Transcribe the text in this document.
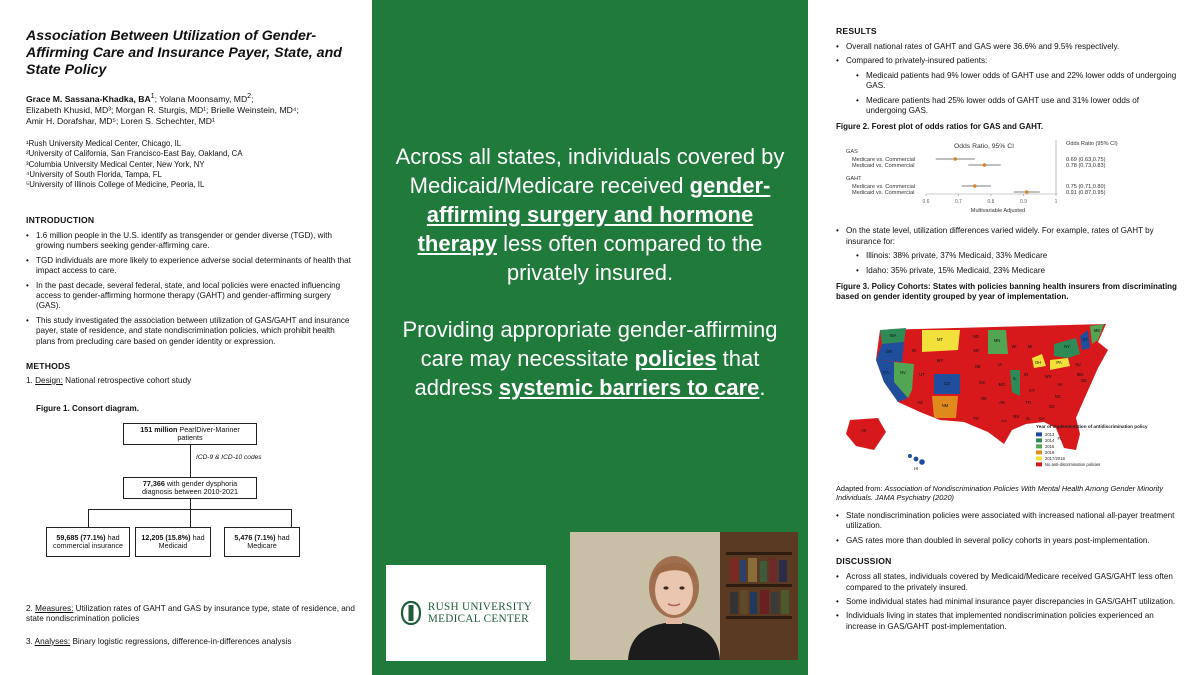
Association Between Utilization of Gender-Affirming Care and Insurance Payer, State, and State Policy
Grace M. Sassana-Khadka, $BA^1$; Yolana Moonsamy, $MD^2$;
Elizabeth Khusid, MD³; Morgan R. Sturgis, MD¹; Brielle Weinstein, MD⁴;
Amir H. Dorafshar, MD⁵; Loren S. Schechter, MD¹
¹Rush University Medical Center, Chicago, IL
²University of California, San Francisco-East Bay, Oakland, CA
³Columbia University Medical Center, New York, NY
⁴University of South Florida, Tampa, FL
⁵University of Illinois College of Medicine, Peoria, IL
INTRODUCTION
• 1.6 million people in the U.S. identify as transgender or gender diverse (TGD), with growing numbers seeking gender-affirming care.
• TGD individuals are more likely to experience adverse social determinants of health that impact access to care.
• In the past decade, several federal, state, and local policies were enacted influencing access to gender-affirming hormone therapy (GAHT) and gender-affirming surgery (GAS).
• This study investigated the association between utilization of GAS/GAHT and insurance payer, state of residence, and state nondiscrimination policies, which prohibit health plans from precluding care based on gender identity or expression.
METHODS
1. Design: National retrospective cohort study
Figure 1. Consort diagram.
151 million PearlDiver-Mariner patients
ICD-9 & ICD-10 codes
77,366 with gender dysphoria diagnosis between 2010-2021
59,685 (77.1%) had commercial insurance
12,205 (15.8%) had Medicaid
5,476 (7.1%) had Medicare
2. Measures: Utilization rates of GAHT and GAS by insurance type, state of residence, and state nondiscrimination policies
3. Analyses: Binary logistic regressions, difference-in-differences analysis

Across all states, individuals covered by Medicaid/Medicare received gender-affirming surgery and hormone therapy less often compared to the privately insured.

Providing appropriate gender-affirming care may necessitate policies that address systemic barriers to care.

RUSH UNIVERSITY
MEDICAL CENTER
RESULTS
• Overall national rates of GAHT and GAS were 36.6% and 9.5% respectively.
• Compared to privately-insured patients:
• Medicaid patients had 9% lower odds of GAHT use and 22% lower odds of undergoing GAS.
• Medicare patients had 25% lower odds of GAHT use and 31% lower odds of undergoing GAS.
Figure 2. Forest plot of odds ratios for GAS and GAHT.
Odds Ratio, 95% CI	Odds Ratio (95% CI)
GAS
GAHT
Multivariable Adjusted
Medicare vs. Commercial	0.69 (0.63,0.75)
Medicaid vs. Commercial	0.78 (0.73,0.83)
Medicare vs. Commercial	0.75 (0.71,0.80)
Medicaid vs. Commercial	0.91 (0.87,0.95)
0.6	0.7	0.8	0.9	1
• On the state level, utilization differences varied widely. For example, rates of GAHT by insurance for:
• Illinois: 38% private, 37% Medicaid, 33% Medicare
• Idaho: 35% private, 15% Medicaid, 23% Medicare
Figure 3. Policy Cohorts: States with policies banning health insurers from discriminating based on gender identity grouped by year of implementation.
WA
OR
CA	NV
ID
MT
WY
UT
CO
AZ
NM
TX
ND
SD
NE
KS
OK
MN
IA
MO
AR
LA
WI
IL
MI
IN
OH
KY
TN
MS AL GA
FL
SC
NC
VA
WV
PA
NY
VT
ME
NJ
MD
DE
AK
HI
Year of implementation of antidiscrimination policy
2013
2014
2015
2016
2017/2018
No anti-discrimination policies
Adapted from: Association of Nondiscrimination Policies With Mental Health Among Gender Minority Individuals. JAMA Psychiatry (2020)
• State nondiscrimination policies were associated with increased national all-payer treatment utilization.
• GAS rates more than doubled in several policy cohorts in years post-implementation.
DISCUSSION
• Across all states, individuals covered by Medicaid/Medicare received GAS/GAHT less often compared to the privately insured.
• Some individual states had minimal insurance payer discrepancies in GAS/GAHT utilization.
• Individuals living in states that implemented nondiscrimination policies experienced an increase in GAS/GAHT post-implementation.
